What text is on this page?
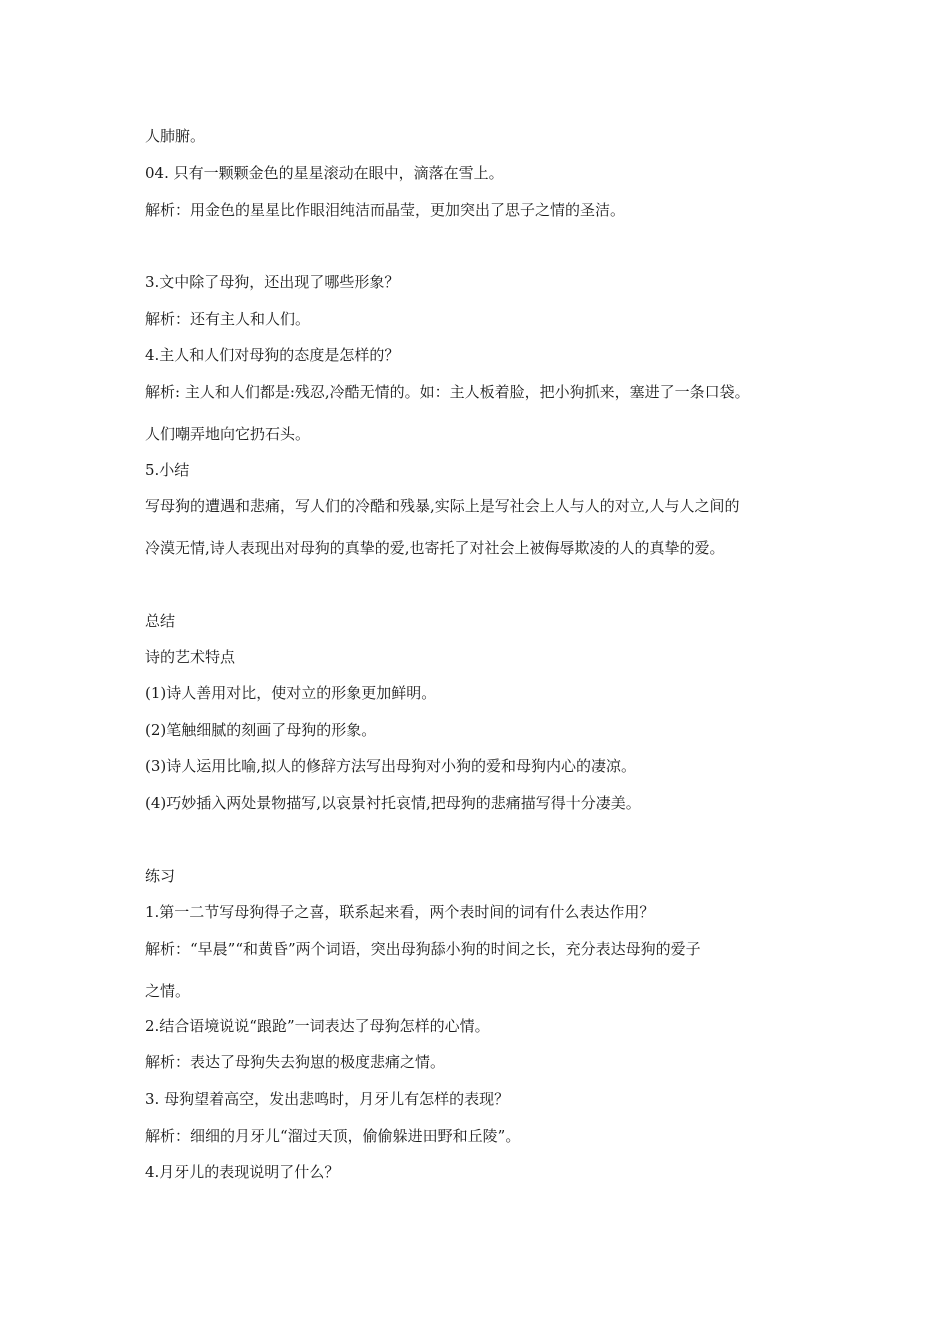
人肺腑。
04. 只有一颗颗金色的星星滚动在眼中，滴落在雪上。
解析：用金色的星星比作眼泪纯洁而晶莹，更加突出了思子之情的圣洁。
3.文中除了母狗，还出现了哪些形象？
解析：还有主人和人们。
4.主人和人们对母狗的态度是怎样的？
解析: 主人和人们都是:残忍,冷酷无情的。如：主人板着脸，把小狗抓来，塞进了一条口袋。
人们嘲弄地向它扔石头。
5.小结
写母狗的遭遇和悲痛，写人们的冷酷和残暴,实际上是写社会上人与人的对立,人与人之间的
冷漠无情,诗人表现出对母狗的真挚的爱,也寄托了对社会上被侮辱欺凌的人的真挚的爱。
总结
诗的艺术特点
(1)诗人善用对比，使对立的形象更加鲜明。
(2)笔触细腻的刻画了母狗的形象。
(3)诗人运用比喻,拟人的修辞方法写出母狗对小狗的爱和母狗内心的凄凉。
(4)巧妙插入两处景物描写,以哀景衬托哀情,把母狗的悲痛描写得十分凄美。
练习
1.第一二节写母狗得子之喜，联系起来看，两个表时间的词有什么表达作用？
解析：“早晨”“和黄昏”两个词语，突出母狗舔小狗的时间之长，充分表达母狗的爱子
之情。
2.结合语境说说“踉跄”一词表达了母狗怎样的心情。
解析：表达了母狗失去狗崽的极度悲痛之情。
3. 母狗望着高空，发出悲鸣时，月牙儿有怎样的表现？
解析：细细的月牙儿“溜过天顶，偷偷躲进田野和丘陵”。
4.月牙儿的表现说明了什么？
